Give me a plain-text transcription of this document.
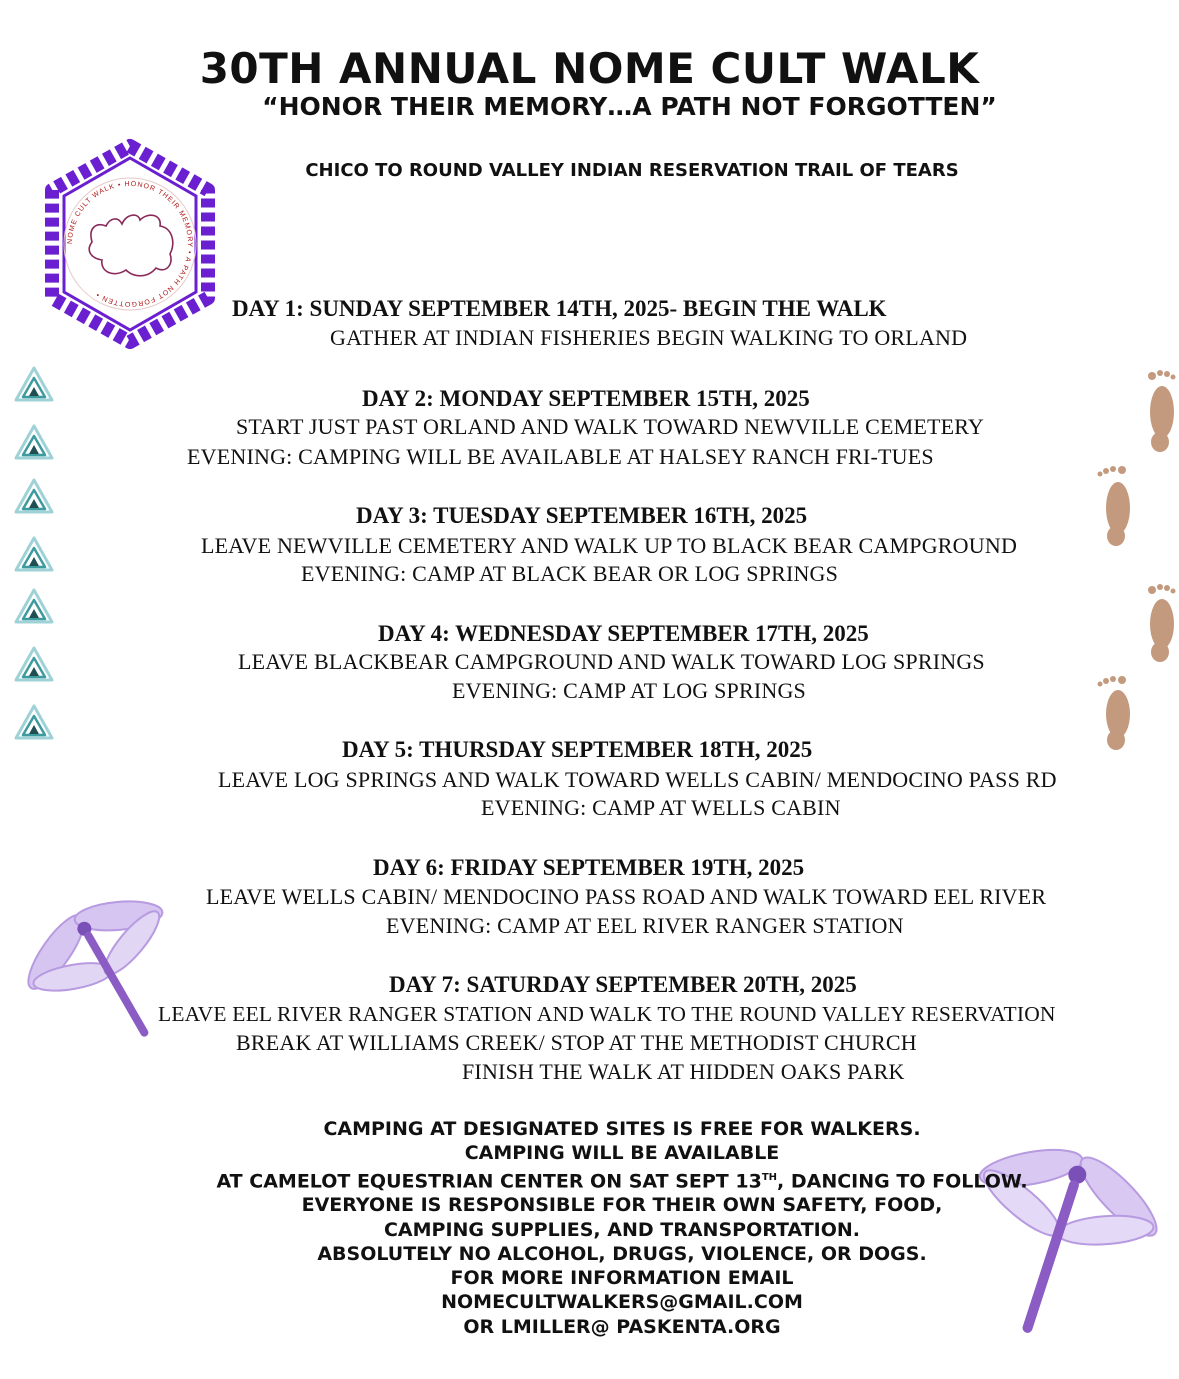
30TH ANNUAL NOME CULT WALK
“HONOR THEIR MEMORY…A PATH NOT FORGOTTEN”
CHICO TO ROUND VALLEY INDIAN RESERVATION TRAIL OF TEARS
NOME CULT WALK • HONOR THEIR MEMORY • A PATH NOT FORGOTTEN •
DAY 1: SUNDAY SEPTEMBER 14TH, 2025- BEGIN THE WALK
GATHER AT INDIAN FISHERIES BEGIN WALKING TO ORLAND
DAY 2: MONDAY SEPTEMBER 15TH, 2025
START JUST PAST ORLAND AND WALK TOWARD NEWVILLE CEMETERY
EVENING: CAMPING WILL BE AVAILABLE AT HALSEY RANCH FRI-TUES
DAY 3: TUESDAY SEPTEMBER 16TH, 2025
LEAVE NEWVILLE CEMETERY AND WALK UP TO BLACK BEAR CAMPGROUND
EVENING: CAMP AT BLACK BEAR OR LOG SPRINGS
DAY 4: WEDNESDAY SEPTEMBER 17TH, 2025
LEAVE BLACKBEAR CAMPGROUND AND WALK TOWARD LOG SPRINGS
EVENING: CAMP AT LOG SPRINGS
DAY 5: THURSDAY SEPTEMBER 18TH, 2025
LEAVE LOG SPRINGS AND WALK TOWARD WELLS CABIN/ MENDOCINO PASS RD
EVENING: CAMP AT WELLS CABIN
DAY 6: FRIDAY SEPTEMBER 19TH, 2025
LEAVE WELLS CABIN/ MENDOCINO PASS ROAD AND WALK TOWARD EEL RIVER
EVENING: CAMP AT EEL RIVER RANGER STATION
DAY 7: SATURDAY SEPTEMBER 20TH, 2025
LEAVE EEL RIVER RANGER STATION AND WALK TO THE ROUND VALLEY RESERVATION
BREAK AT WILLIAMS CREEK/ STOP AT THE METHODIST CHURCH
FINISH THE WALK AT HIDDEN OAKS PARK
CAMPING AT DESIGNATED SITES IS FREE FOR WALKERS.
CAMPING WILL BE AVAILABLE
AT CAMELOT EQUESTRIAN CENTER ON SAT SEPT 13TH, DANCING TO FOLLOW.
EVERYONE IS RESPONSIBLE FOR THEIR OWN SAFETY, FOOD,
CAMPING SUPPLIES, AND TRANSPORTATION.
ABSOLUTELY NO ALCOHOL, DRUGS, VIOLENCE, OR DOGS.
FOR MORE INFORMATION EMAIL
NOMECULTWALKERS@GMAIL.COM
OR LMILLER@ PASKENTA.ORG
